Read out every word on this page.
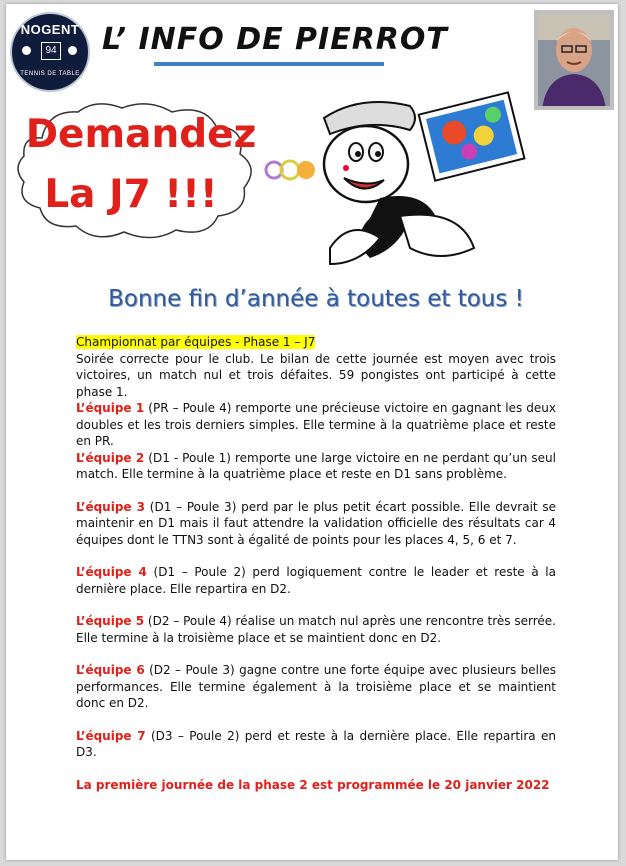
NOGENT
94
TENNIS DE TABLE
L’ INFO DE PIERROT
Demandez
La J7 !!!
Bonne fin d’année à toutes et tous !
Championnat par équipes - Phase 1 – J7
Soirée correcte pour le club. Le bilan de cette journée est moyen avec trois victoires, un match nul et trois défaites. 59 pongistes ont participé à cette phase 1.
L’équipe 1 (PR – Poule 4) remporte une précieuse victoire en gagnant les deux doubles et les trois derniers simples. Elle termine à la quatrième place et reste en PR.
L’équipe 2 (D1 - Poule 1) remporte une large victoire en ne perdant qu’un seul match. Elle termine à la quatrième place et reste en D1 sans problème.
L’équipe 3 (D1 – Poule 3) perd par le plus petit écart possible. Elle devrait se maintenir en D1 mais il faut attendre la validation officielle des résultats car 4 équipes dont le TTN3 sont à égalité de points pour les places 4, 5, 6 et 7.
L’équipe 4 (D1 – Poule 2) perd logiquement contre le leader et reste à la dernière place. Elle repartira en D2.
L’équipe 5 (D2 – Poule 4) réalise un match nul après une rencontre très serrée. Elle termine à la troisième place et se maintient donc en D2.
L’équipe 6 (D2 – Poule 3) gagne contre une forte équipe avec plusieurs belles performances. Elle termine également à la troisième place et se maintient donc en D2.
L’équipe 7 (D3 – Poule 2) perd et reste à la dernière place. Elle repartira en D3.
La première journée de la phase 2 est programmée le 20 janvier 2022
